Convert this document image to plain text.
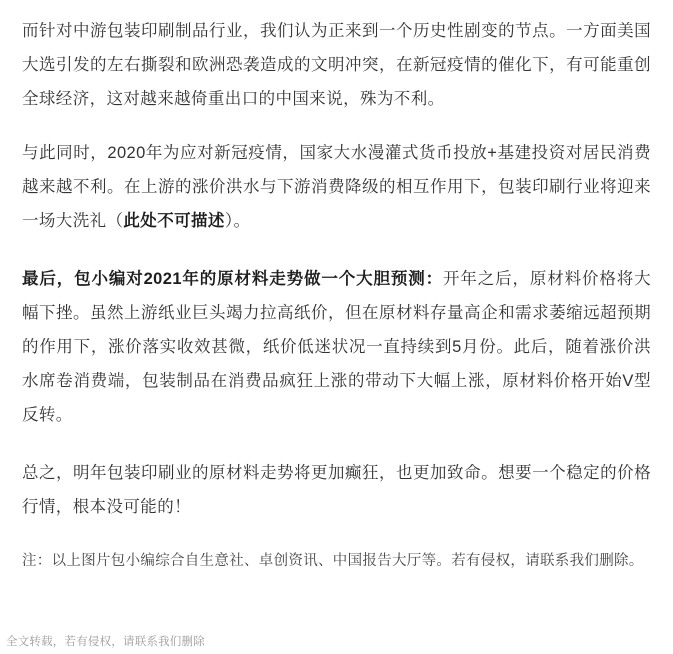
而针对中游包装印刷制品行业，我们认为正来到一个历史性剧变的节点。一方面美国大选引发的左右撕裂和欧洲恐袭造成的文明冲突，在新冠疫情的催化下，有可能重创全球经济，这对越来越倚重出口的中国来说，殊为不利。

与此同时，2020年为应对新冠疫情，国家大水漫灌式货币投放+基建投资对居民消费越来越不利。在上游的涨价洪水与下游消费降级的相互作用下，包装印刷行业将迎来一场大洗礼（此处不可描述）。

最后，包小编对2021年的原材料走势做一个大胆预测：开年之后，原材料价格将大幅下挫。虽然上游纸业巨头竭力拉高纸价，但在原材料存量高企和需求萎缩远超预期的作用下，涨价落实收效甚微，纸价低迷状况一直持续到5月份。此后，随着涨价洪水席卷消费端，包装制品在消费品疯狂上涨的带动下大幅上涨，原材料价格开始V型反转。

总之，明年包装印刷业的原材料走势将更加癫狂，也更加致命。想要一个稳定的价格行情，根本没可能的！

注：以上图片包小编综合自生意社、卓创资讯、中国报告大厅等。若有侵权，请联系我们删除。

全文转载，若有侵权，请联系我们删除
